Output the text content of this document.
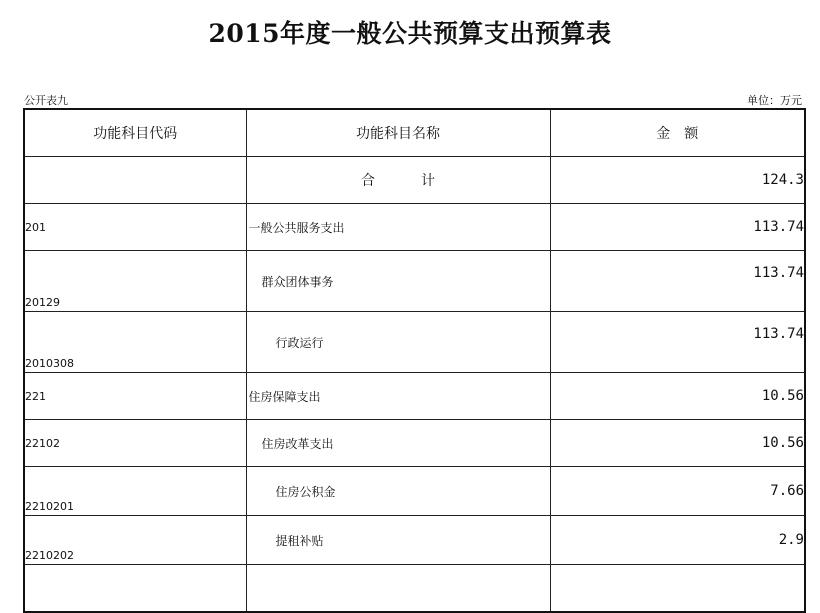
2015年度一般公共预算支出预算表
公开表九	单位：万元
功能科目代码	功能科目名称	金　额
	合　计	124.3
201	一般公共服务支出	113.74
20129	群众团体事务	113.74
2010308	行政运行	113.74
221	住房保障支出	10.56
22102	住房改革支出	10.56
2210201	住房公积金	7.66
2210202	提租补贴	2.9
